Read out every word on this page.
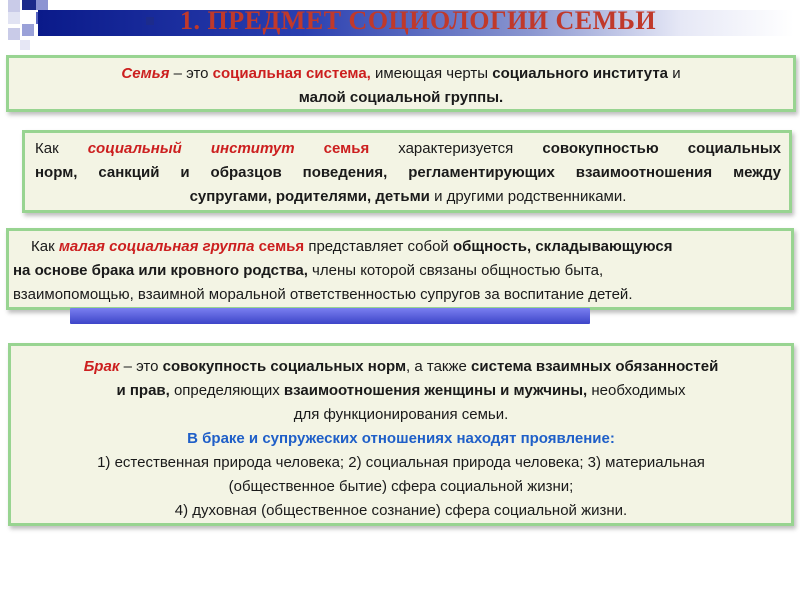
1. ПРЕДМЕТ СОЦИОЛОГИИ СЕМЬИ
Семья – это социальная система, имеющая черты социального института и
малой социальной группы.
Как социальный институт семья характеризуется совокупностью социальных
норм, санкций и образцов поведения, регламентирующих взаимоотношения между
супругами, родителями, детьми и другими родственниками.
Как малая социальная группа семья представляет собой общность, складывающуюся
на основе брака или кровного родства, члены которой связаны общностью быта,
взаимопомощью, взаимной моральной ответственностью супругов за воспитание детей.
Брак – это совокупность социальных норм, а также система взаимных обязанностей
и прав, определяющих взаимоотношения женщины и мужчины, необходимых
для функционирования семьи.
В браке и супружеских отношениях находят проявление:
1) естественная природа человека; 2) социальная природа человека; 3) материальная
(общественное бытие) сфера социальной жизни;
4) духовная (общественное сознание) сфера социальной жизни.
